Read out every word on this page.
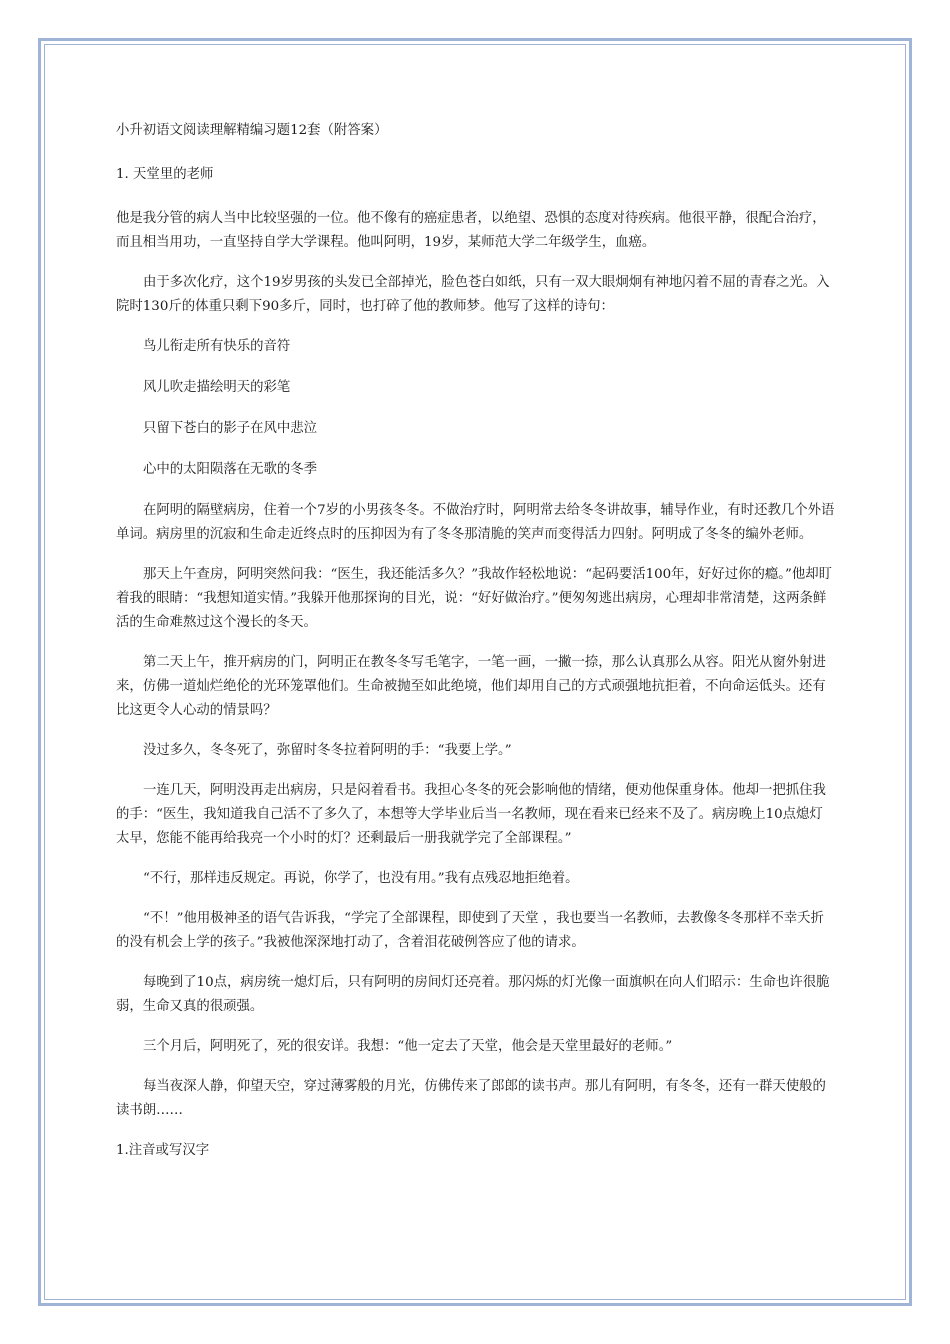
小升初语文阅读理解精编习题12套（附答案）

1. 天堂里的老师

他是我分管的病人当中比较坚强的一位。他不像有的癌症患者，以绝望、恐惧的态度对待疾病。他很平静，很配合治疗，而且相当用功，一直坚持自学大学课程。他叫阿明，19岁，某师范大学二年级学生，血癌。

由于多次化疗，这个19岁男孩的头发已全部掉光，脸色苍白如纸，只有一双大眼炯炯有神地闪着不屈的青春之光。入院时130斤的体重只剩下90多斤，同时，也打碎了他的教师梦。他写了这样的诗句：

鸟儿衔走所有快乐的音符

风儿吹走描绘明天的彩笔

只留下苍白的影子在风中悲泣

心中的太阳陨落在无歌的冬季

在阿明的隔壁病房，住着一个7岁的小男孩冬冬。不做治疗时，阿明常去给冬冬讲故事，辅导作业，有时还教几个外语单词。病房里的沉寂和生命走近终点时的压抑因为有了冬冬那清脆的笑声而变得活力四射。阿明成了冬冬的编外老师。

那天上午查房，阿明突然问我：“医生，我还能活多久？”我故作轻松地说：“起码要活100年，好好过你的瘾。”他却盯着我的眼睛：“我想知道实情。”我躲开他那探询的目光，说：“好好做治疗。”便匆匆逃出病房，心理却非常清楚，这两条鲜活的生命难熬过这个漫长的冬天。

第二天上午，推开病房的门，阿明正在教冬冬写毛笔字，一笔一画，一撇一捺，那么认真那么从容。阳光从窗外射进来，仿佛一道灿烂绝伦的光环笼罩他们。生命被抛至如此绝境，他们却用自己的方式顽强地抗拒着，不向命运低头。还有比这更令人心动的情景吗？

没过多久，冬冬死了，弥留时冬冬拉着阿明的手：“我要上学。”

一连几天，阿明没再走出病房，只是闷着看书。我担心冬冬的死会影响他的情绪，便劝他保重身体。他却一把抓住我的手：“医生，我知道我自己活不了多久了，本想等大学毕业后当一名教师，现在看来已经来不及了。病房晚上10点熄灯太早，您能不能再给我亮一个小时的灯？还剩最后一册我就学完了全部课程。”

“不行，那样违反规定。再说，你学了，也没有用。”我有点残忍地拒绝着。

“不！”他用极神圣的语气告诉我，“学完了全部课程，即使到了天堂 ，我也要当一名教师，去教像冬冬那样不幸夭折的没有机会上学的孩子。”我被他深深地打动了，含着泪花破例答应了他的请求。

每晚到了10点，病房统一熄灯后，只有阿明的房间灯还亮着。那闪烁的灯光像一面旗帜在向人们昭示：生命也许很脆弱，生命又真的很顽强。

三个月后，阿明死了，死的很安详。我想：“他一定去了天堂，他会是天堂里最好的老师。”

每当夜深人静，仰望天空，穿过薄雾般的月光，仿佛传来了郎郎的读书声。那儿有阿明，有冬冬，还有一群天使般的读书朗……

1.注音或写汉字
